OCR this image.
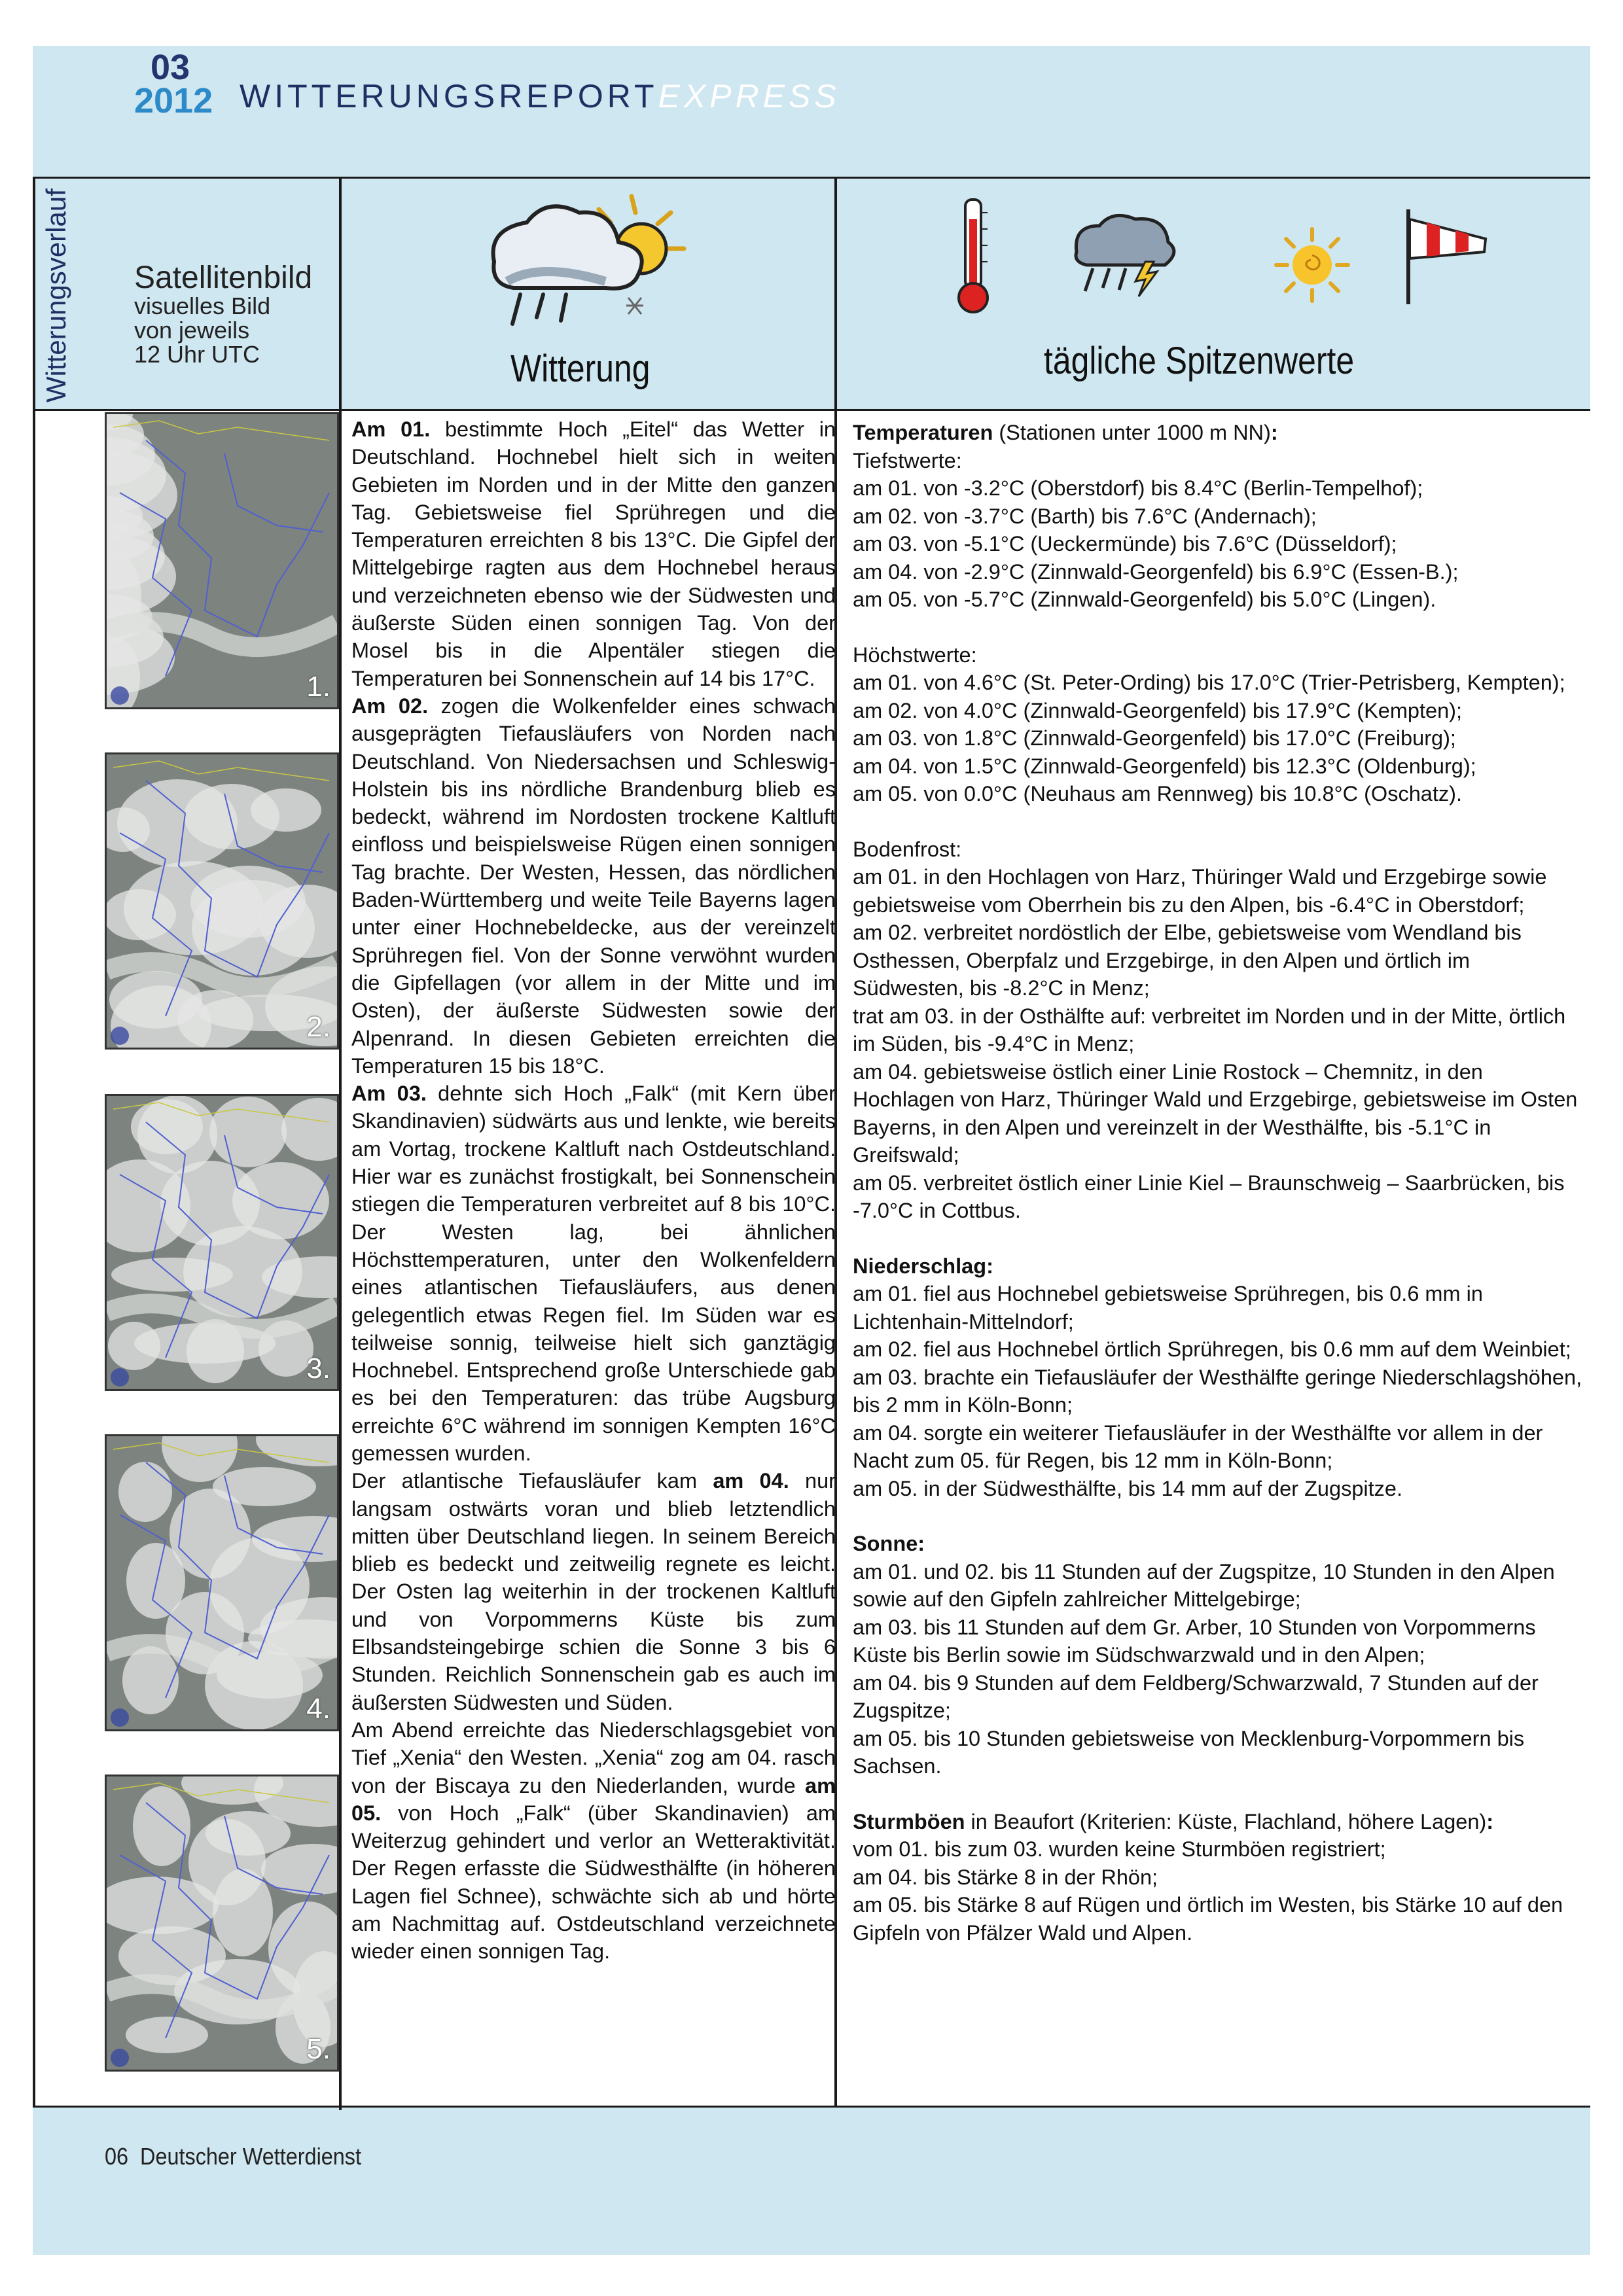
03
2012 WITTERUNGSREPORTEXPRESS
Witterungsverlauf Satellitenbild
visuelles Bild
von jeweils
12 Uhr UTC	Witterung	tägliche Spitzenwerte
1.
2.
3.
4.
5.

Am 01. bestimmte Hoch „Eitel“ das Wetter in Deutschland. Hochnebel hielt sich in weiten Gebieten im Norden und in der Mitte den ganzen Tag. Gebietsweise fiel Sprühregen und die Temperaturen erreichten 8 bis 13°C. Die Gipfel der Mittelgebirge ragten aus dem Hochnebel heraus und verzeichneten ebenso wie der Südwesten und äußerste Süden einen sonnigen Tag. Von der Mosel bis in die Alpentäler stiegen die Temperaturen bei Sonnenschein auf 14 bis 17°C.

Am 02. zogen die Wolkenfelder eines schwach ausgeprägten Tiefausläufers von Norden nach Deutschland. Von Niedersachsen und Schleswig-Holstein bis ins nördliche Brandenburg blieb es bedeckt, während im Nordosten trockene Kaltluft einfloss und beispielsweise Rügen einen sonnigen Tag brachte. Der Westen, Hessen, das nördlichen Baden-Württemberg und weite Teile Bayerns lagen unter einer Hochnebeldecke, aus der vereinzelt Sprühregen fiel. Von der Sonne verwöhnt wurden die Gipfellagen (vor allem in der Mitte und im Osten), der äußerste Südwesten sowie der Alpenrand. In diesen Gebieten erreichten die Temperaturen 15 bis 18°C.

Am 03. dehnte sich Hoch „Falk“ (mit Kern über Skandinavien) südwärts aus und lenkte, wie bereits am Vortag, trockene Kaltluft nach Ostdeutschland. Hier war es zunächst frostigkalt, bei Sonnenschein stiegen die Temperaturen verbreitet auf 8 bis 10°C. Der Westen lag, bei ähnlichen Höchsttemperaturen, unter den Wolkenfeldern eines atlantischen Tiefausläufers, aus denen gelegentlich etwas Regen fiel. Im Süden war es teilweise sonnig, teilweise hielt sich ganztägig Hochnebel. Entsprechend große Unterschiede gab es bei den Temperaturen: das trübe Augsburg erreichte 6°C während im sonnigen Kempten 16°C gemessen wurden.

Der atlantische Tiefausläufer kam am 04. nur langsam ostwärts voran und blieb letztendlich mitten über Deutschland liegen. In seinem Bereich blieb es bedeckt und zeitweilig regnete es leicht. Der Osten lag weiterhin in der trockenen Kaltluft und von Vorpommerns Küste bis zum Elbsandsteingebirge schien die Sonne 3 bis 6 Stunden. Reichlich Sonnenschein gab es auch im äußersten Südwesten und Süden.

Am Abend erreichte das Niederschlagsgebiet von Tief „Xenia“ den Westen. „Xenia“ zog am 04. rasch von der Biscaya zu den Niederlanden, wurde am 05. von Hoch „Falk“ (über Skandinavien) am Weiterzug gehindert und verlor an Wetteraktivität. Der Regen erfasste die Südwesthälfte (in höheren Lagen fiel Schnee), schwächte sich ab und hörte am Nachmittag auf. Ostdeutschland verzeichnete wieder einen sonnigen Tag.

Temperaturen (Stationen unter 1000 m NN):

Tiefstwerte:

am 01. von -3.2°C (Oberstdorf) bis 8.4°C (Berlin-Tempelhof);

am 02. von -3.7°C (Barth) bis 7.6°C (Andernach);

am 03. von -5.1°C (Ueckermünde) bis 7.6°C (Düsseldorf);

am 04. von -2.9°C (Zinnwald-Georgenfeld) bis 6.9°C (Essen-B.);

am 05. von -5.7°C (Zinnwald-Georgenfeld) bis 5.0°C (Lingen).

Höchstwerte:

am 01. von 4.6°C (St. Peter-Ording) bis 17.0°C (Trier-Petrisberg, Kempten);

am 02. von 4.0°C (Zinnwald-Georgenfeld) bis 17.9°C (Kempten);

am 03. von 1.8°C (Zinnwald-Georgenfeld) bis 17.0°C (Freiburg);

am 04. von 1.5°C (Zinnwald-Georgenfeld) bis 12.3°C (Oldenburg);

am 05. von 0.0°C (Neuhaus am Rennweg) bis 10.8°C (Oschatz).

Bodenfrost:

am 01. in den Hochlagen von Harz, Thüringer Wald und Erzgebirge sowie gebietsweise vom Oberrhein bis zu den Alpen, bis -6.4°C in Oberstdorf;

am 02. verbreitet nordöstlich der Elbe, gebietsweise vom Wendland bis Osthessen, Oberpfalz und Erzgebirge, in den Alpen und örtlich im Südwesten, bis -8.2°C in Menz;

trat am 03. in der Osthälfte auf: verbreitet im Norden und in der Mitte, örtlich im Süden, bis -9.4°C in Menz;

am 04. gebietsweise östlich einer Linie Rostock – Chemnitz, in den Hochlagen von Harz, Thüringer Wald und Erzgebirge, gebietsweise im Osten Bayerns, in den Alpen und vereinzelt in der Westhälfte, bis -5.1°C in Greifswald;

am 05. verbreitet östlich einer Linie Kiel – Braunschweig – Saarbrücken, bis -7.0°C in Cottbus.

Niederschlag:

am 01. fiel aus Hochnebel gebietsweise Sprühregen, bis 0.6 mm in Lichtenhain-Mittelndorf;

am 02. fiel aus Hochnebel örtlich Sprühregen, bis 0.6 mm auf dem Weinbiet;

am 03. brachte ein Tiefausläufer der Westhälfte geringe Niederschlagshöhen, bis 2 mm in Köln-Bonn;

am 04. sorgte ein weiterer Tiefausläufer in der Westhälfte vor allem in der Nacht zum 05. für Regen, bis 12 mm in Köln-Bonn;

am 05. in der Südwesthälfte, bis 14 mm auf der Zugspitze.

Sonne:

am 01. und 02. bis 11 Stunden auf der Zugspitze, 10 Stunden in den Alpen sowie auf den Gipfeln zahlreicher Mittelgebirge;

am 03. bis 11 Stunden auf dem Gr. Arber, 10 Stunden von Vorpommerns Küste bis Berlin sowie im Südschwarzwald und in den Alpen;

am 04. bis 9 Stunden auf dem Feldberg/Schwarzwald, 7 Stunden auf der Zugspitze;

am 05. bis 10 Stunden gebietsweise von Mecklenburg-Vorpommern bis Sachsen.

Sturmböen in Beaufort (Kriterien: Küste, Flachland, höhere Lagen):

vom 01. bis zum 03. wurden keine Sturmböen registriert;

am 04. bis Stärke 8 in der Rhön;

am 05. bis Stärke 8 auf Rügen und örtlich im Westen, bis Stärke 10 auf den Gipfeln von Pfälzer Wald und Alpen.

06 Deutscher Wetterdienst
